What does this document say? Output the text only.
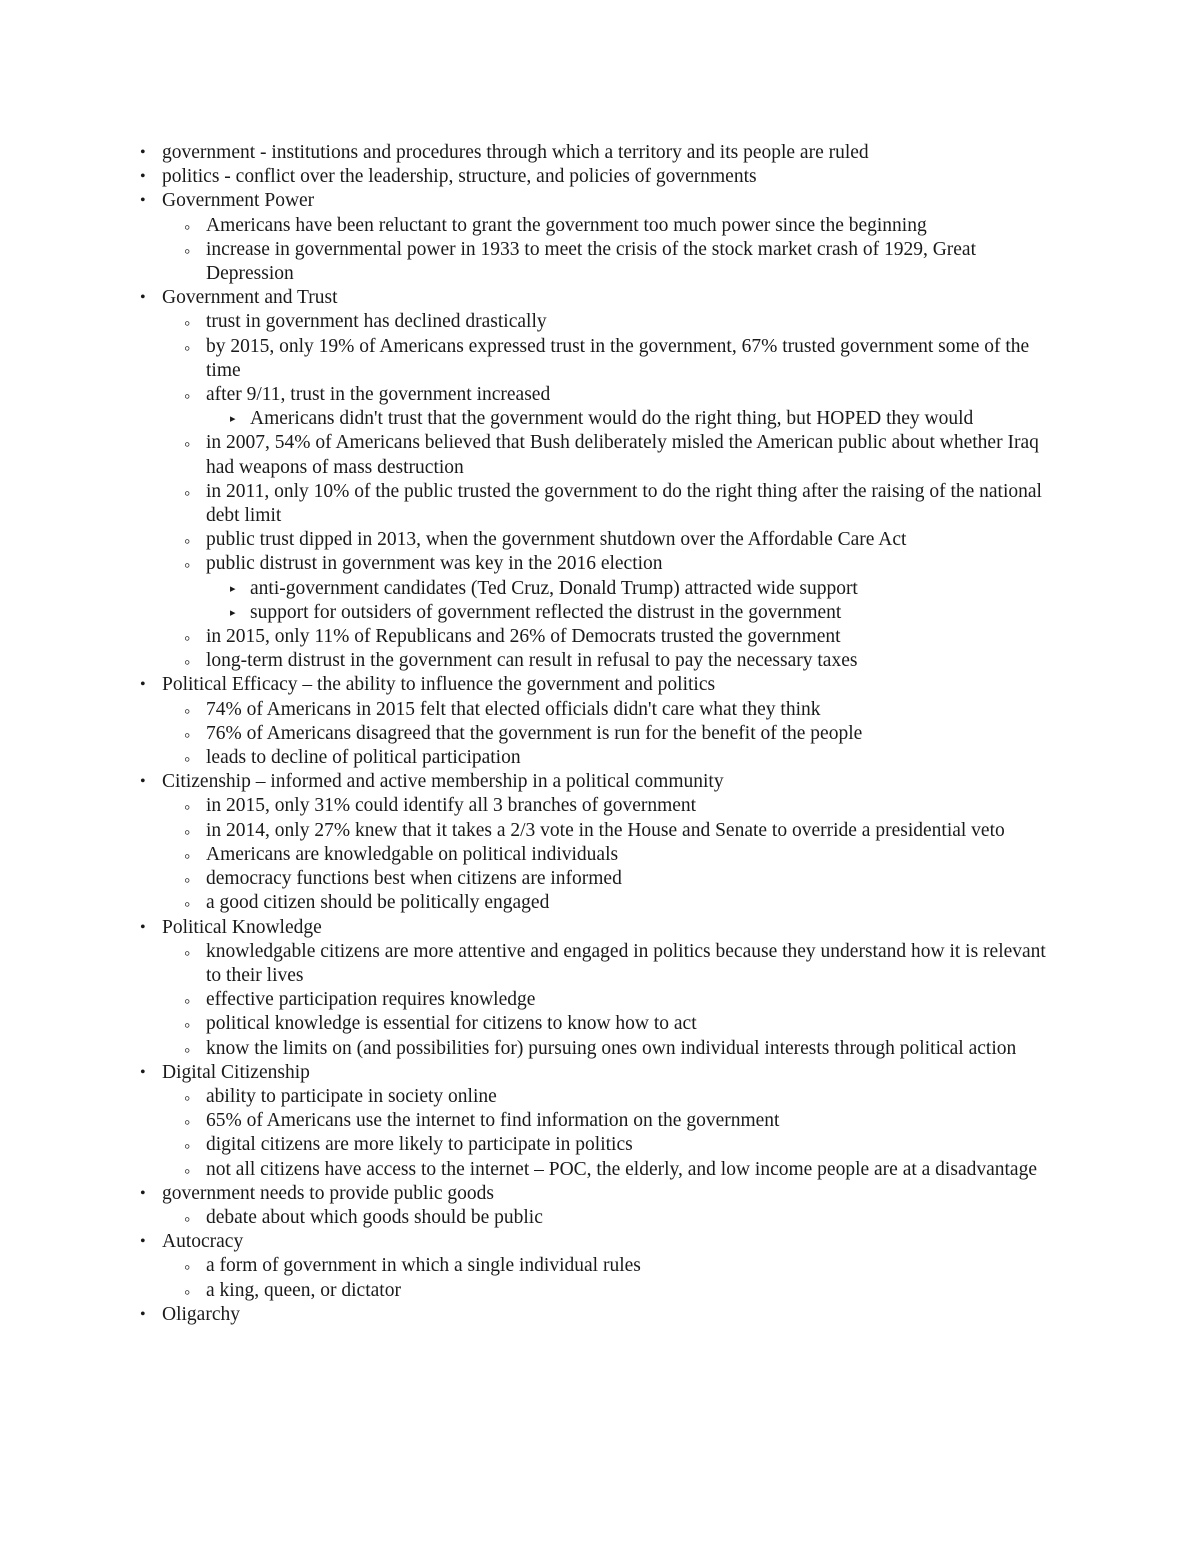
•
government - institutions and procedures through which a territory and its people are ruled
•
politics - conflict over the leadership, structure, and policies of governments
•
Government Power
◦
Americans have been reluctant to grant the government too much power since the beginning
◦
increase in governmental power in 1933 to meet the crisis of the stock market crash of 1929, Great Depression
•
Government and Trust
◦
trust in government has declined drastically
◦
by 2015, only 19% of Americans expressed trust in the government, 67% trusted government some of the time
◦
after 9/11, trust in the government increased
▸
Americans didn't trust that the government would do the right thing, but HOPED they would
◦
in 2007, 54% of Americans believed that Bush deliberately misled the American public about whether Iraq had weapons of mass destruction
◦
in 2011, only 10% of the public trusted the government to do the right thing after the raising of the national debt limit
◦
public trust dipped in 2013, when the government shutdown over the Affordable Care Act
◦
public distrust in government was key in the 2016 election
▸
anti-government candidates (Ted Cruz, Donald Trump) attracted wide support
▸
support for outsiders of government reflected the distrust in the government
◦
in 2015, only 11% of Republicans and 26% of Democrats trusted the government
◦
long-term distrust in the government can result in refusal to pay the necessary taxes
•
Political Efficacy – the ability to influence the government and politics
◦
74% of Americans in 2015 felt that elected officials didn't care what they think
◦
76% of Americans disagreed that the government is run for the benefit of the people
◦
leads to decline of political participation
•
Citizenship – informed and active membership in a political community
◦
in 2015, only 31% could identify all 3 branches of government
◦
in 2014, only 27% knew that it takes a 2/3 vote in the House and Senate to override a presidential veto
◦
Americans are knowledgable on political individuals
◦
democracy functions best when citizens are informed
◦
a good citizen should be politically engaged
•
Political Knowledge
◦
knowledgable citizens are more attentive and engaged in politics because they understand how it is relevant to their lives
◦
effective participation requires knowledge
◦
political knowledge is essential for citizens to know how to act
◦
know the limits on (and possibilities for) pursuing ones own individual interests through political action
•
Digital Citizenship
◦
ability to participate in society online
◦
65% of Americans use the internet to find information on the government
◦
digital citizens are more likely to participate in politics
◦
not all citizens have access to the internet – POC, the elderly, and low income people are at a disadvantage
•
government needs to provide public goods
◦
debate about which goods should be public
•
Autocracy
◦
a form of government in which a single individual rules
◦
a king, queen, or dictator
•
Oligarchy
